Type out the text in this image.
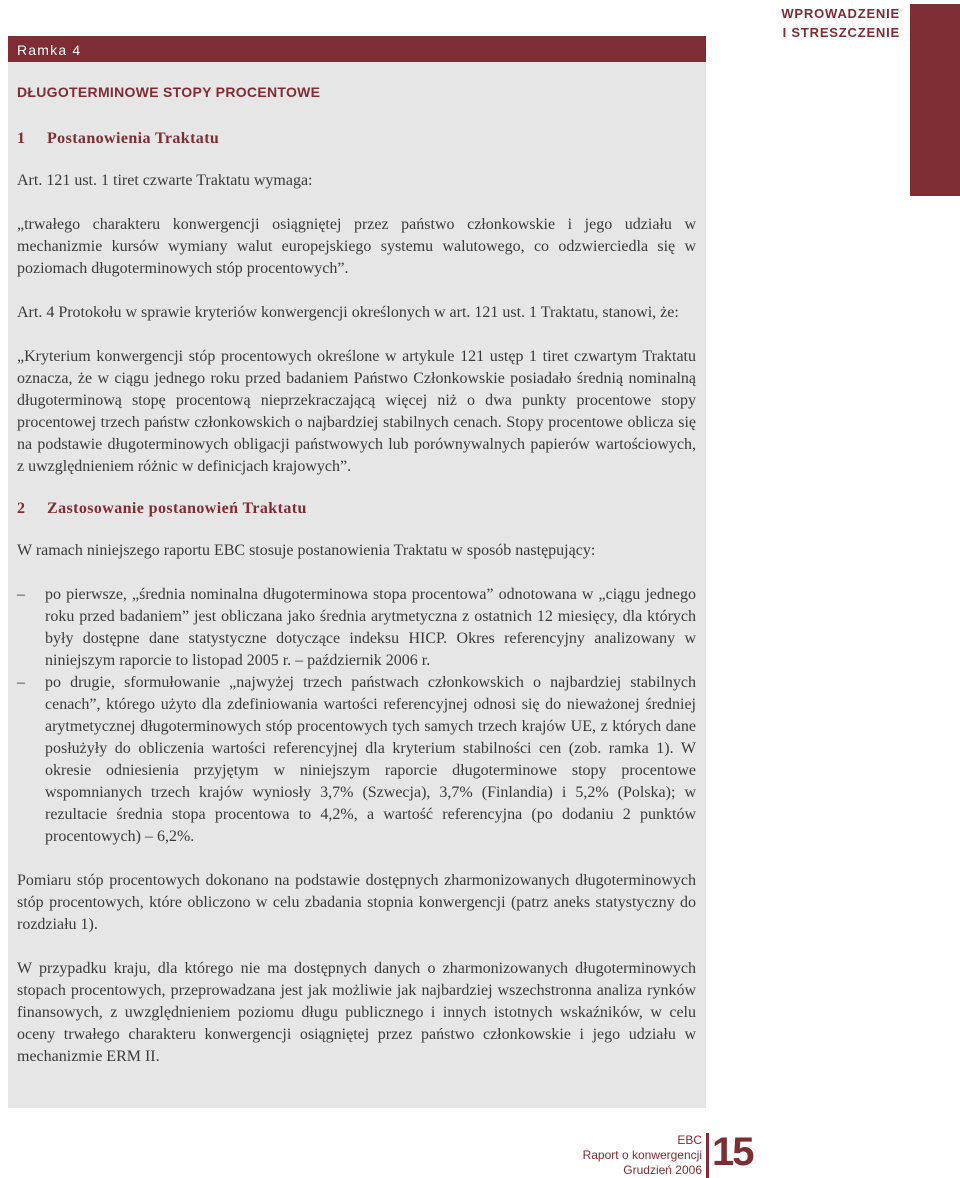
WPROWADZENIE
I STRESZCZENIE
Ramka 4
DŁUGOTERMINOWE STOPY PROCENTOWE
1 Postanowienia Traktatu
Art. 121 ust. 1 tiret czwarte Traktatu wymaga:
„trwałego charakteru konwergencji osiągniętej przez państwo członkowskie i jego udziału w mechanizmie kursów wymiany walut europejskiego systemu walutowego, co odzwierciedla się w poziomach długoterminowych stóp procentowych”.
Art. 4 Protokołu w sprawie kryteriów konwergencji określonych w art. 121 ust. 1 Traktatu, stanowi, że:
„Kryterium konwergencji stóp procentowych określone w artykule 121 ustęp 1 tiret czwartym Traktatu oznacza, że w ciągu jednego roku przed badaniem Państwo Członkowskie posiadało średnią nominalną długoterminową stopę procentową nieprzekraczającą więcej niż o dwa punkty procentowe stopy procentowej trzech państw członkowskich o najbardziej stabilnych cenach. Stopy procentowe oblicza się na podstawie długoterminowych obligacji państwowych lub porównywalnych papierów wartościowych, z uwzględnieniem różnic w definicjach krajowych”.
2 Zastosowanie postanowień Traktatu
W ramach niniejszego raportu EBC stosuje postanowienia Traktatu w sposób następujący:
–	po pierwsze, „średnia nominalna długoterminowa stopa procentowa” odnotowana w „ciągu jednego roku przed badaniem” jest obliczana jako średnia arytmetyczna z ostatnich 12 miesięcy, dla których były dostępne dane statystyczne dotyczące indeksu HICP. Okres referencyjny analizowany w niniejszym raporcie to listopad 2005 r. – październik 2006 r.
–	po drugie, sformułowanie „najwyżej trzech państwach członkowskich o najbardziej stabilnych cenach”, którego użyto dla zdefiniowania wartości referencyjnej odnosi się do nieważonej średniej arytmetycznej długoterminowych stóp procentowych tych samych trzech krajów UE, z których dane posłużyły do obliczenia wartości referencyjnej dla kryterium stabilności cen (zob. ramka 1). W okresie odniesienia przyjętym w niniejszym raporcie długoterminowe stopy procentowe wspomnianych trzech krajów wyniosły 3,7% (Szwecja), 3,7% (Finlandia) i 5,2% (Polska); w rezultacie średnia stopa procentowa to 4,2%, a wartość referencyjna (po dodaniu 2 punktów procentowych) – 6,2%.
Pomiaru stóp procentowych dokonano na podstawie dostępnych zharmonizowanych długoterminowych stóp procentowych, które obliczono w celu zbadania stopnia konwergencji (patrz aneks statystyczny do rozdziału 1).
W przypadku kraju, dla którego nie ma dostępnych danych o zharmonizowanych długoterminowych stopach procentowych, przeprowadzana jest jak możliwie jak najbardziej wszechstronna analiza rynków finansowych, z uwzględnieniem poziomu długu publicznego i innych istotnych wskaźników, w celu oceny trwałego charakteru konwergencji osiągniętej przez państwo członkowskie i jego udziału w mechanizmie ERM II.
EBC
Raport o konwergencji
Grudzień 2006 15
